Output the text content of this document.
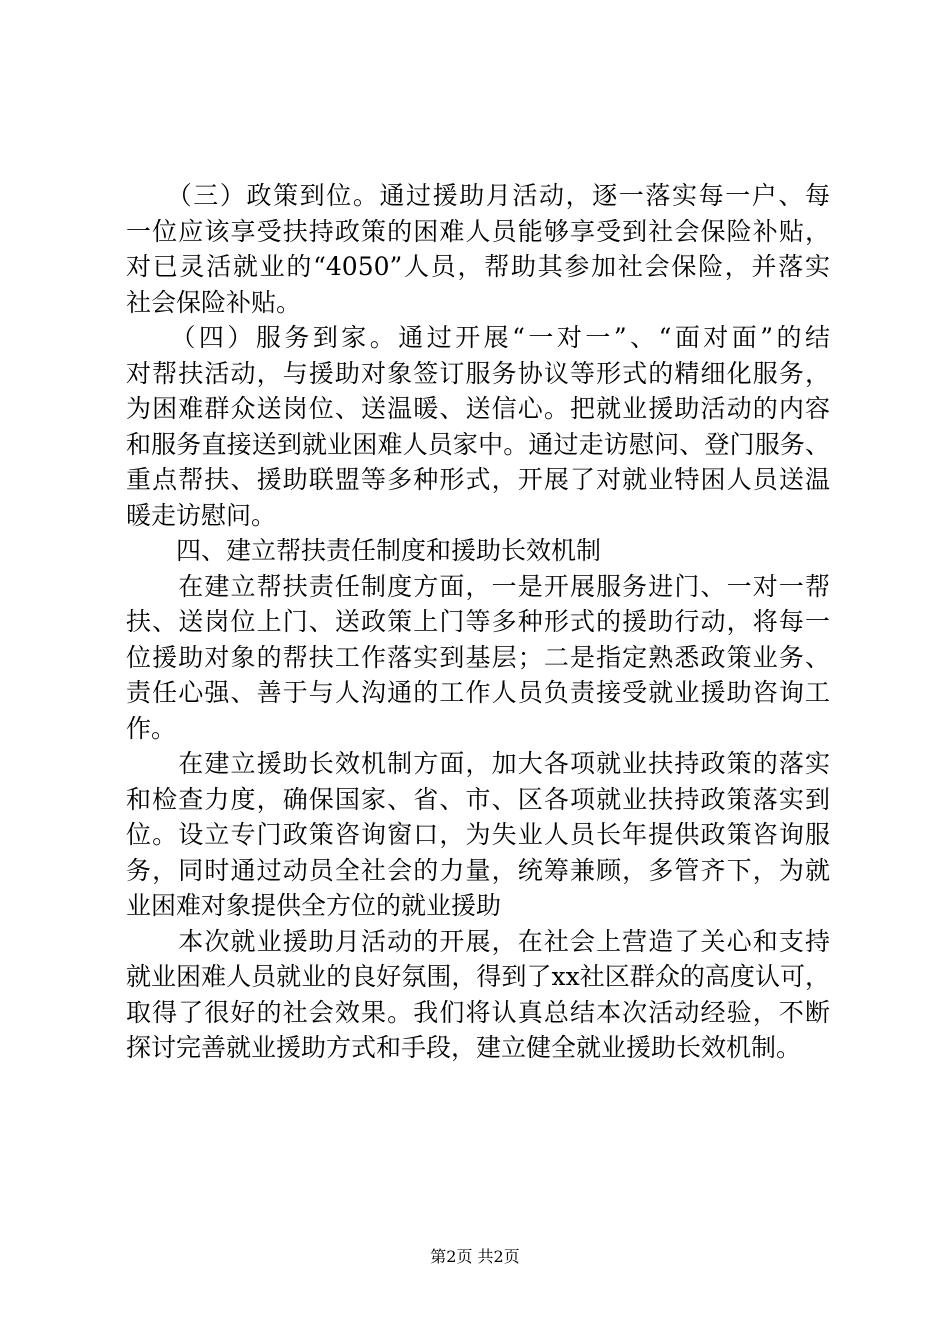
　　（三）政策到位。通过援助月活动，逐一落实每一户、每
一位应该享受扶持政策的困难人员能够享受到社会保险补贴，
对已灵活就业的“4050”人员，帮助其参加社会保险，并落实
社会保险补贴。
　　（四）服务到家。通过开展“一对一”、“面对面”的结
对帮扶活动，与援助对象签订服务协议等形式的精细化服务，
为困难群众送岗位、送温暖、送信心。把就业援助活动的内容
和服务直接送到就业困难人员家中。通过走访慰问、登门服务、
重点帮扶、援助联盟等多种形式，开展了对就业特困人员送温
暖走访慰问。
　　四、建立帮扶责任制度和援助长效机制
　　在建立帮扶责任制度方面，一是开展服务进门、一对一帮
扶、送岗位上门、送政策上门等多种形式的援助行动，将每一
位援助对象的帮扶工作落实到基层；二是指定熟悉政策业务、
责任心强、善于与人沟通的工作人员负责接受就业援助咨询工
作。
　　在建立援助长效机制方面，加大各项就业扶持政策的落实
和检查力度，确保国家、省、市、区各项就业扶持政策落实到
位。设立专门政策咨询窗口，为失业人员长年提供政策咨询服
务，同时通过动员全社会的力量，统筹兼顾，多管齐下，为就
业困难对象提供全方位的就业援助
　　本次就业援助月活动的开展，在社会上营造了关心和支持
就业困难人员就业的良好氛围，得到了xx社区群众的高度认可，
取得了很好的社会效果。我们将认真总结本次活动经验，不断
探讨完善就业援助方式和手段，建立健全就业援助长效机制。
第2页 共2页
